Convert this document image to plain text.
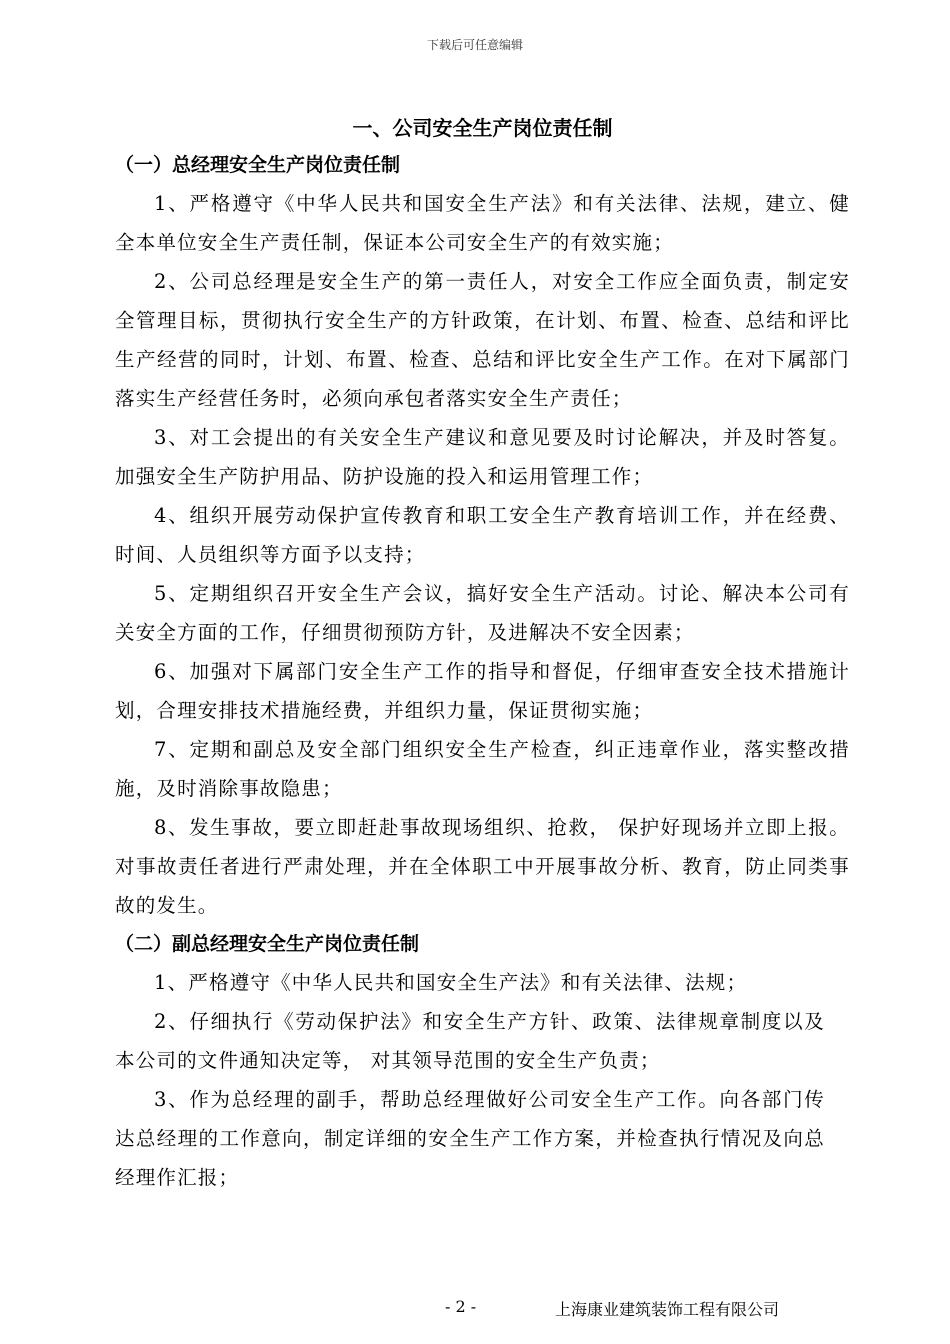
下载后可任意编辑
一、公司安全生产岗位责任制
（一）总经理安全生产岗位责任制

1、严格遵守《中华人民共和国安全生产法》和有关法律、法规，建立、健全本单位安全生产责任制，保证本公司安全生产的有效实施；

2、公司总经理是安全生产的第一责任人，对安全工作应全面负责，制定安全管理目标，贯彻执行安全生产的方针政策，在计划、布置、检查、总结和评比生产经营的同时，计划、布置、检查、总结和评比安全生产工作。在对下属部门落实生产经营任务时，必须向承包者落实安全生产责任；

3、对工会提出的有关安全生产建议和意见要及时讨论解决，并及时答复。加强安全生产防护用品、防护设施的投入和运用管理工作；

4、组织开展劳动保护宣传教育和职工安全生产教育培训工作，并在经费、时间、人员组织等方面予以支持；

5、定期组织召开安全生产会议，搞好安全生产活动。讨论、解决本公司有关安全方面的工作，仔细贯彻预防方针，及进解决不安全因素；

6、加强对下属部门安全生产工作的指导和督促，仔细审查安全技术措施计划，合理安排技术措施经费，并组织力量，保证贯彻实施；

7、定期和副总及安全部门组织安全生产检查，纠正违章作业，落实整改措施，及时消除事故隐患；

8、发生事故，要立即赶赴事故现场组织、抢救， 保护好现场并立即上报。对事故责任者进行严肃处理，并在全体职工中开展事故分析、教育，防止同类事故的发生。

（二）副总经理安全生产岗位责任制

1、严格遵守《中华人民共和国安全生产法》和有关法律、法规；

2、仔细执行《劳动保护法》和安全生产方针、政策、法律规章制度以及本公司的文件通知决定等， 对其领导范围的安全生产负责；

3、作为总经理的副手，帮助总经理做好公司安全生产工作。向各部门传达总经理的工作意向，制定详细的安全生产工作方案，并检查执行情况及向总经理作汇报；

- 2 -	上海康业建筑装饰工程有限公司
